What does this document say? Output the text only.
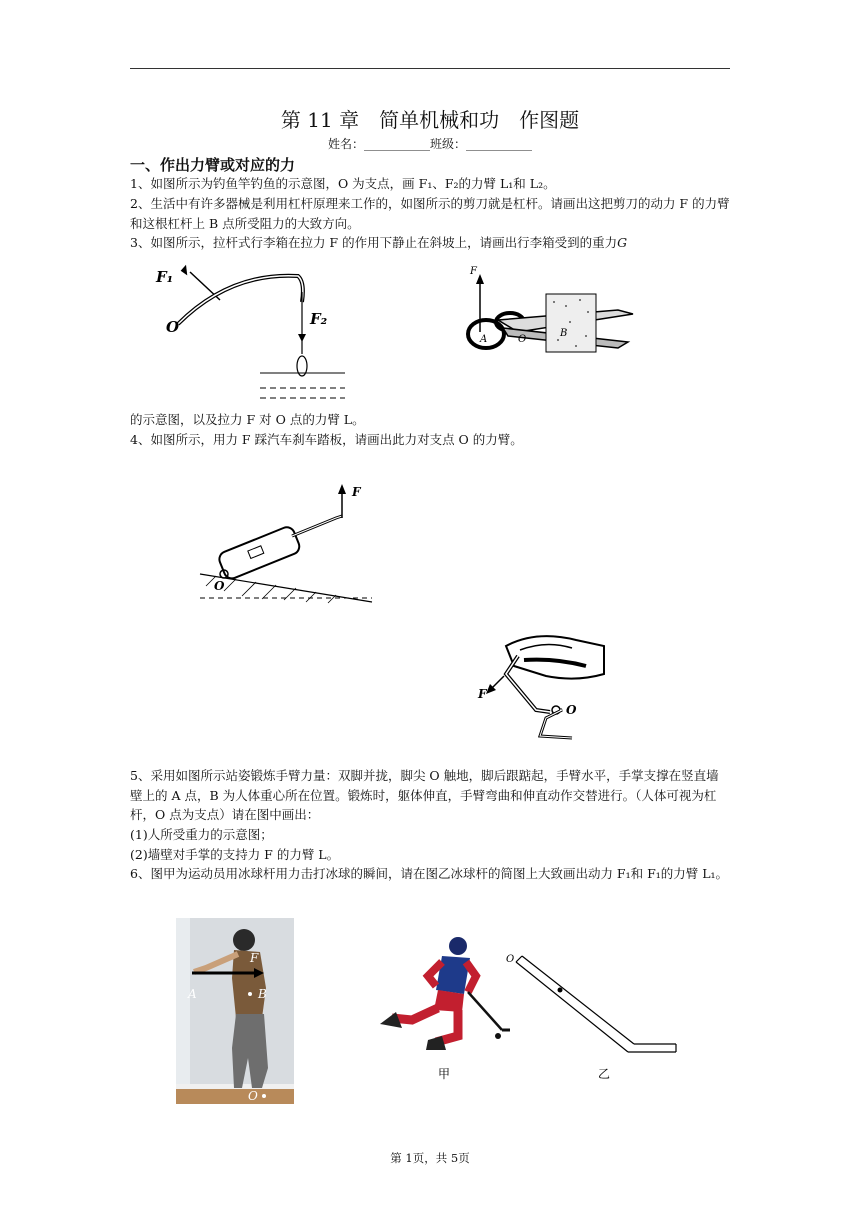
第 11 章　简单机械和功　作图题
姓名：___________班级：___________
一、作出力臂或对应的力
1、如图所示为钓鱼竿钓鱼的示意图，O 为支点，画 F₁、F₂的力臂 L₁和 L₂。
2、生活中有许多器械是利用杠杆原理来工作的，如图所示的剪刀就是杠杆。请画出这把剪刀的动力 F 的力臂和这根杠杆上 B 点所受阻力的大致方向。
3、如图所示，拉杆式行李箱在拉力 F 的作用下静止在斜坡上，请画出行李箱受到的重力𝐺
F₁
F₂
O
F
A	O
B
的示意图，以及拉力 F 对 O 点的力臂 L。
4、如图所示，用力 F 踩汽车刹车踏板，请画出此力对支点 O 的力臂。
F
O
F
O
5、采用如图所示站姿锻炼手臂力量：双脚并拢，脚尖 O 触地，脚后跟踮起，手臂水平，手掌支撑在竖直墙壁上的 A 点，B 为人体重心所在位置。锻炼时，躯体伸直，手臂弯曲和伸直动作交替进行。（人体可视为杠杆，O 点为支点）请在图中画出：
(1)人所受重力的示意图；
(2)墙壁对手掌的支持力 F 的力臂 L。
6、图甲为运动员用冰球杆用力击打冰球的瞬间，请在图乙冰球杆的简图上大致画出动力 F₁和 F₁的力臂 L₁。
F
A	B
O
甲
O
乙
第 1页，共 5页
